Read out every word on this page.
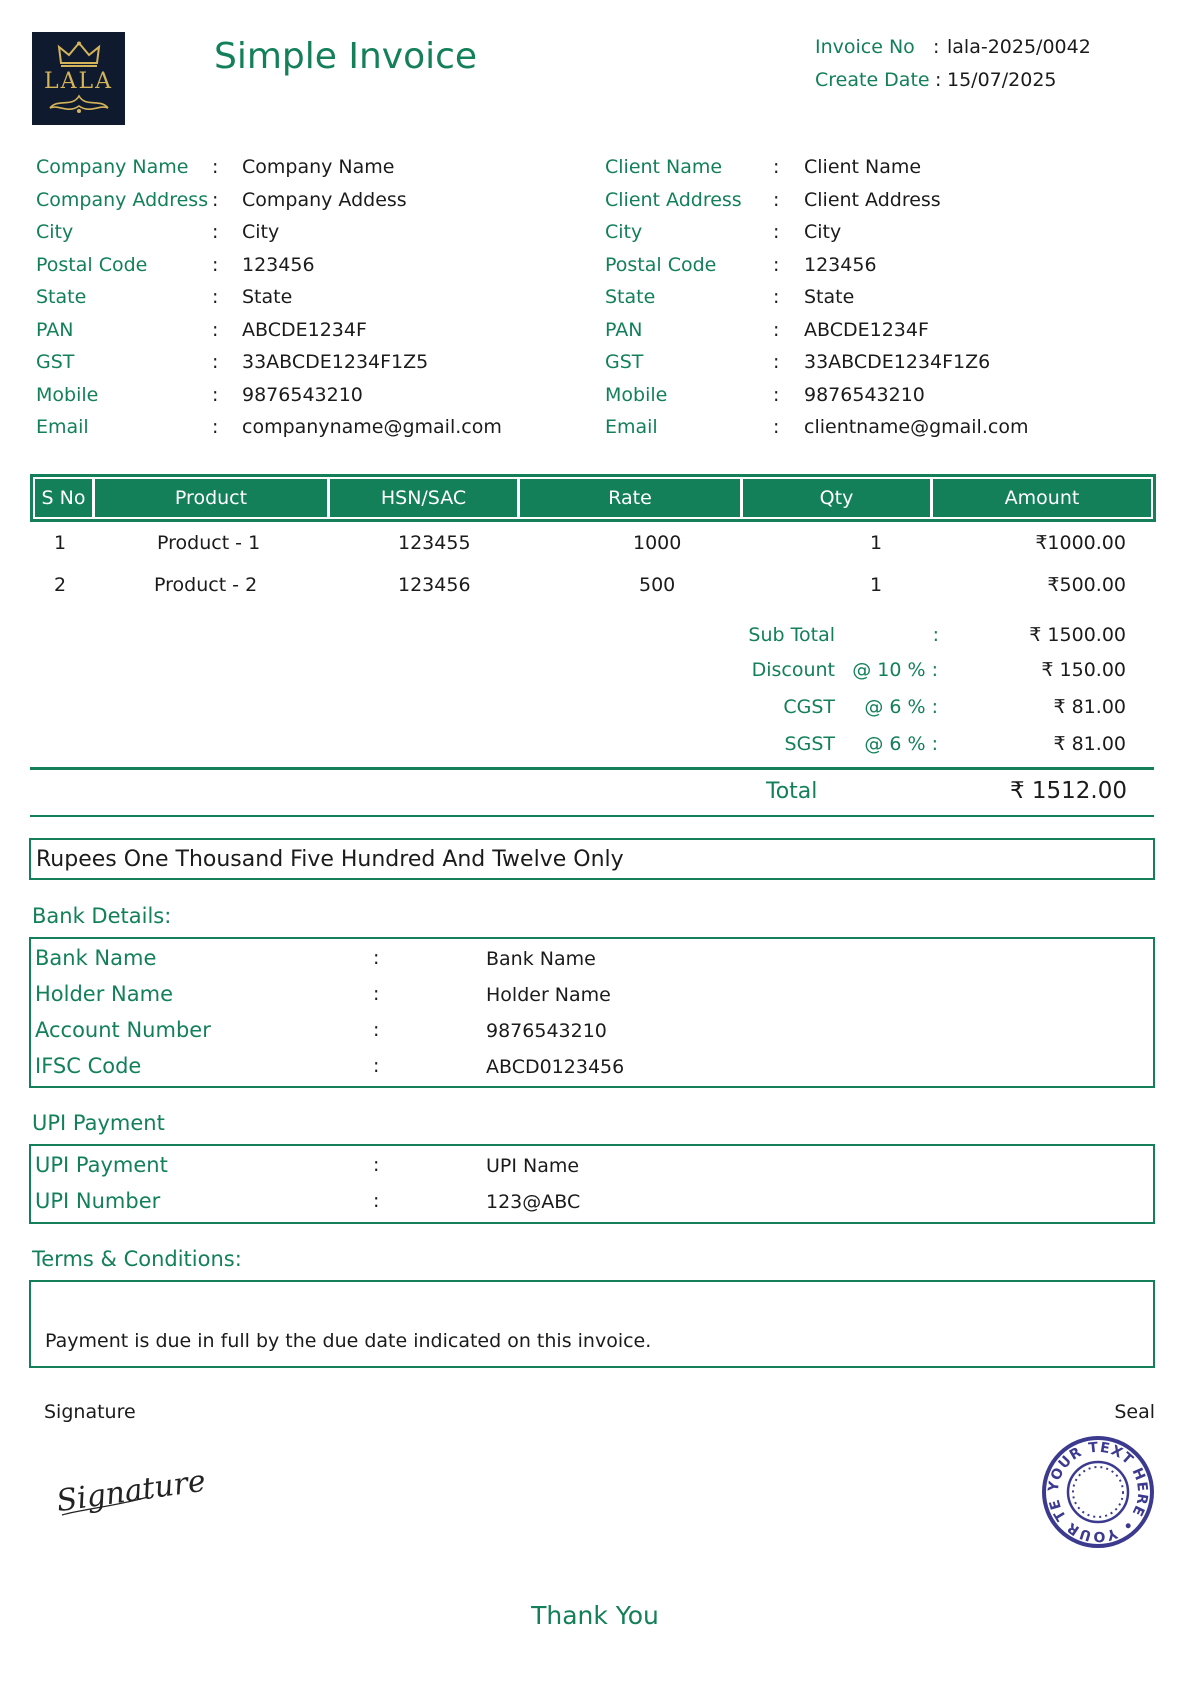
LALA
Simple Invoice	Invoice No : lala-2025/0042
Create Date : 15/07/2025
Company Name : Company Name
Company Address : Company Addess
City	: City
Postal Code	: 123456
State	: State
PAN	: ABCDE1234F
GST	: 33ABCDE1234F1Z5
Mobile	: 9876543210
Email	: companyname@gmail.com
Client Name	: Client Name
Client Address : Client Address
City	: City
Postal Code	: 123456
State	: State
PAN	: ABCDE1234F
GST	: 33ABCDE1234F1Z6
Mobile	: 9876543210
Email	: clientname@gmail.com
S No	Product	HSN/SAC	Rate	Qty	Amount
1	Product - 1	123455	1000	1	₹1000.00
2	Product - 2	123456	500	1	₹500.00
Sub Total	:	₹ 1500.00
Discount @ 10 % :	₹ 150.00
CGST @ 6 % :	₹ 81.00
SGST @ 6 % :	₹ 81.00
Total	₹ 1512.00
Rupees One Thousand Five Hundred And Twelve Only
Bank Details:
Bank Name	:	Bank Name
Holder Name	:	Holder Name
Account Number	:	9876543210
IFSC Code	:	ABCD0123456
UPI Payment
UPI Payment	:	UPI Name
UPI Number	:	123@ABC
Terms & Conditions:
Payment is due in full by the due date indicated on this invoice.
Signature
Signature
Seal
YOUR TEXT HERE • YOUR TE
Thank You
